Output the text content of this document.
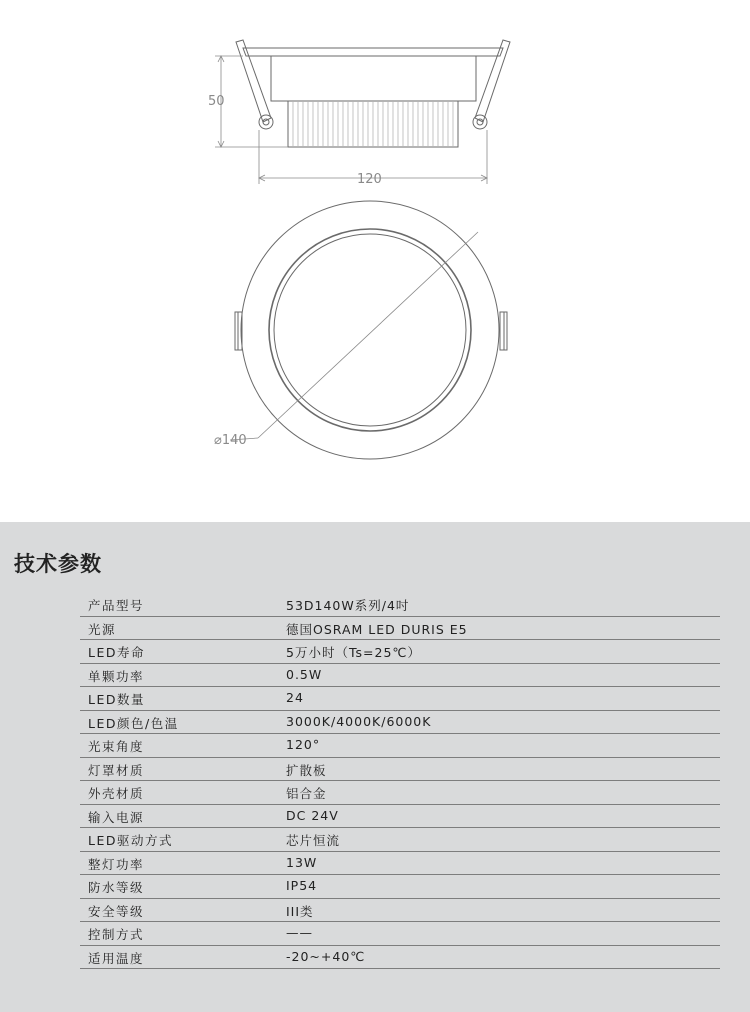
50
120
⌀140
技术参数
产品型号	53D140W系列/4吋
光源	德国OSRAM LED DURIS E5
LED寿命	5万小时（Ts=25℃）
单颗功率	0.5W
LED数量	24
LED颜色/色温	3000K/4000K/6000K
光束角度	120°
灯罩材质	扩散板
外壳材质	铝合金
输入电源	DC 24V
LED驱动方式	芯片恒流
整灯功率	13W
防水等级	IP54
安全等级	III类
控制方式	——
适用温度	-20~+40℃
